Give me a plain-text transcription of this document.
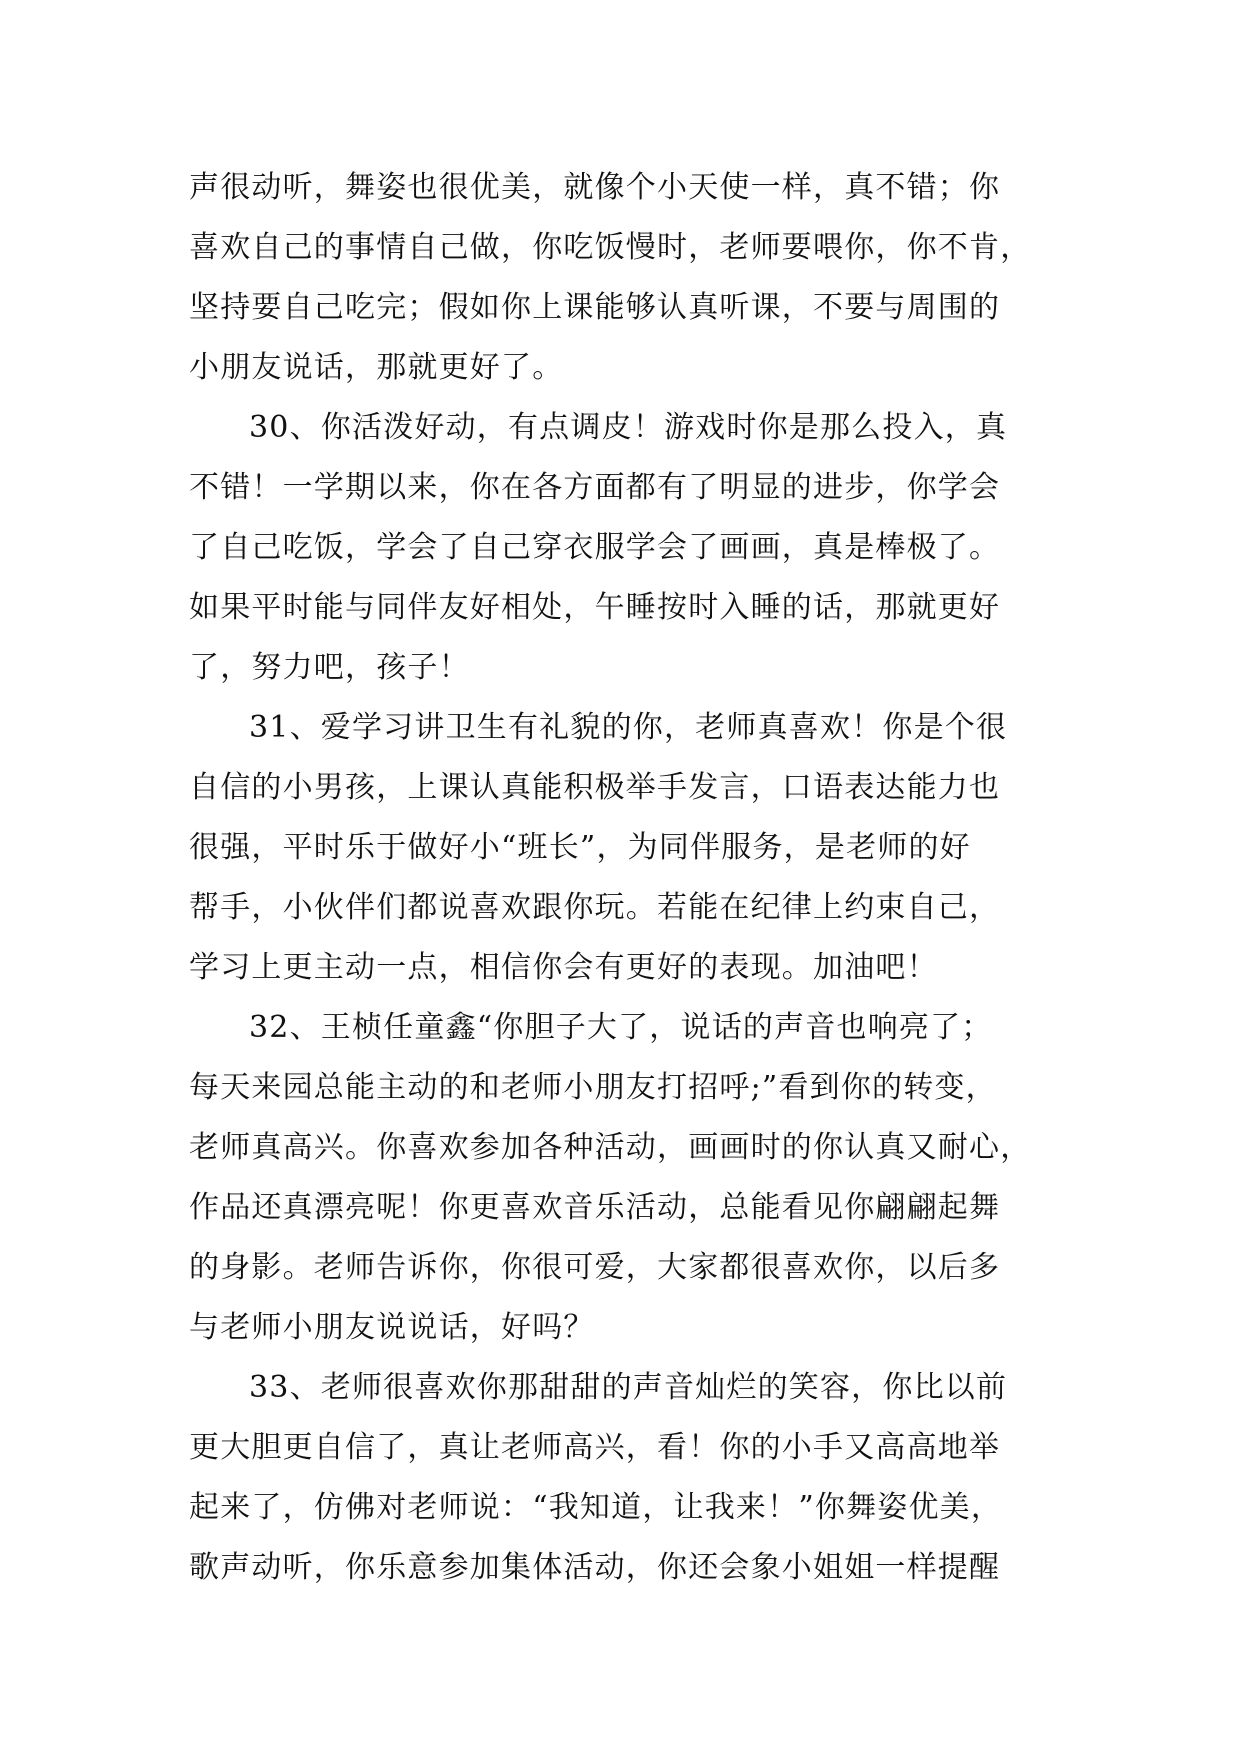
声很动听，舞姿也很优美，就像个小天使一样，真不错；你
喜欢自己的事情自己做，你吃饭慢时，老师要喂你，你不肯，
坚持要自己吃完；假如你上课能够认真听课，不要与周围的
小朋友说话，那就更好了。
30、你活泼好动，有点调皮！游戏时你是那么投入，真
不错！一学期以来，你在各方面都有了明显的进步，你学会
了自己吃饭，学会了自己穿衣服学会了画画，真是棒极了。
如果平时能与同伴友好相处，午睡按时入睡的话，那就更好
了，努力吧，孩子！
31、爱学习讲卫生有礼貌的你，老师真喜欢！你是个很
自信的小男孩，上课认真能积极举手发言，口语表达能力也
很强，平时乐于做好小“班长”，为同伴服务，是老师的好
帮手，小伙伴们都说喜欢跟你玩。若能在纪律上约束自己，
学习上更主动一点，相信你会有更好的表现。加油吧！
32、王桢任童鑫“你胆子大了，说话的声音也响亮了；
每天来园总能主动的和老师小朋友打招呼;”看到你的转变，
老师真高兴。你喜欢参加各种活动，画画时的你认真又耐心，
作品还真漂亮呢！你更喜欢音乐活动，总能看见你翩翩起舞
的身影。老师告诉你，你很可爱，大家都很喜欢你，以后多
与老师小朋友说说话，好吗？
33、老师很喜欢你那甜甜的声音灿烂的笑容，你比以前
更大胆更自信了，真让老师高兴，看！你的小手又高高地举
起来了，仿佛对老师说：“我知道，让我来！”你舞姿优美，
歌声动听，你乐意参加集体活动，你还会象小姐姐一样提醒
